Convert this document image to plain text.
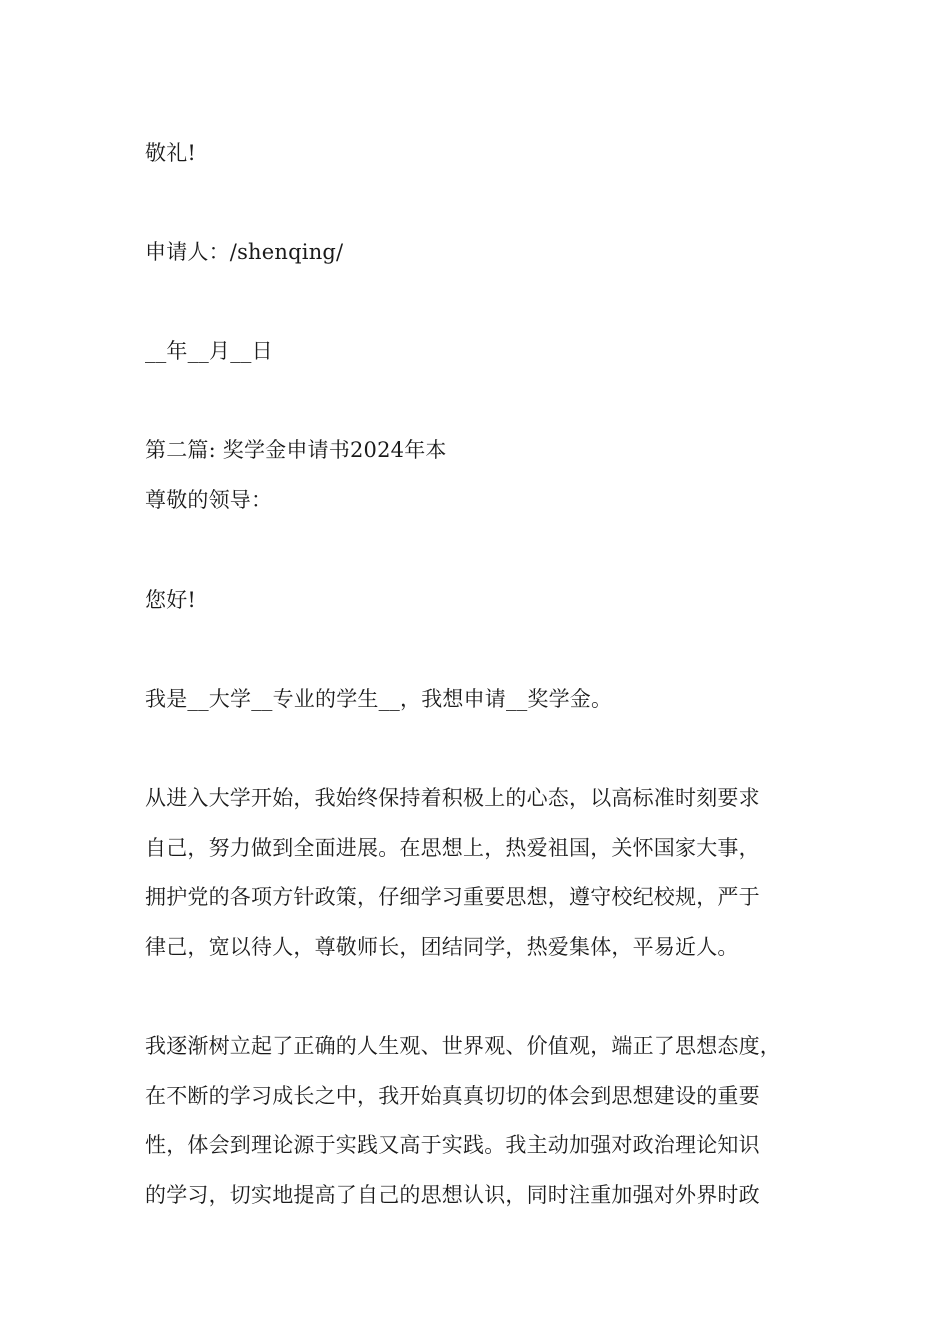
敬礼!
申请人：/shenqing/
__年__月__日
第二篇: 奖学金申请书2024年本
尊敬的领导：
您好!
我是__大学__专业的学生__，我想申请__奖学金。
从进入大学开始，我始终保持着积极上的心态，以高标准时刻要求
自己，努力做到全面进展。在思想上，热爱祖国，关怀国家大事，
拥护党的各项方针政策，仔细学习重要思想，遵守校纪校规，严于
律己，宽以待人，尊敬师长，团结同学，热爱集体，平易近人。
我逐渐树立起了正确的人生观、世界观、价值观，端正了思想态度，
在不断的学习成长之中，我开始真真切切的体会到思想建设的重要
性，体会到理论源于实践又高于实践。我主动加强对政治理论知识
的学习，切实地提高了自己的思想认识，同时注重加强对外界时政
